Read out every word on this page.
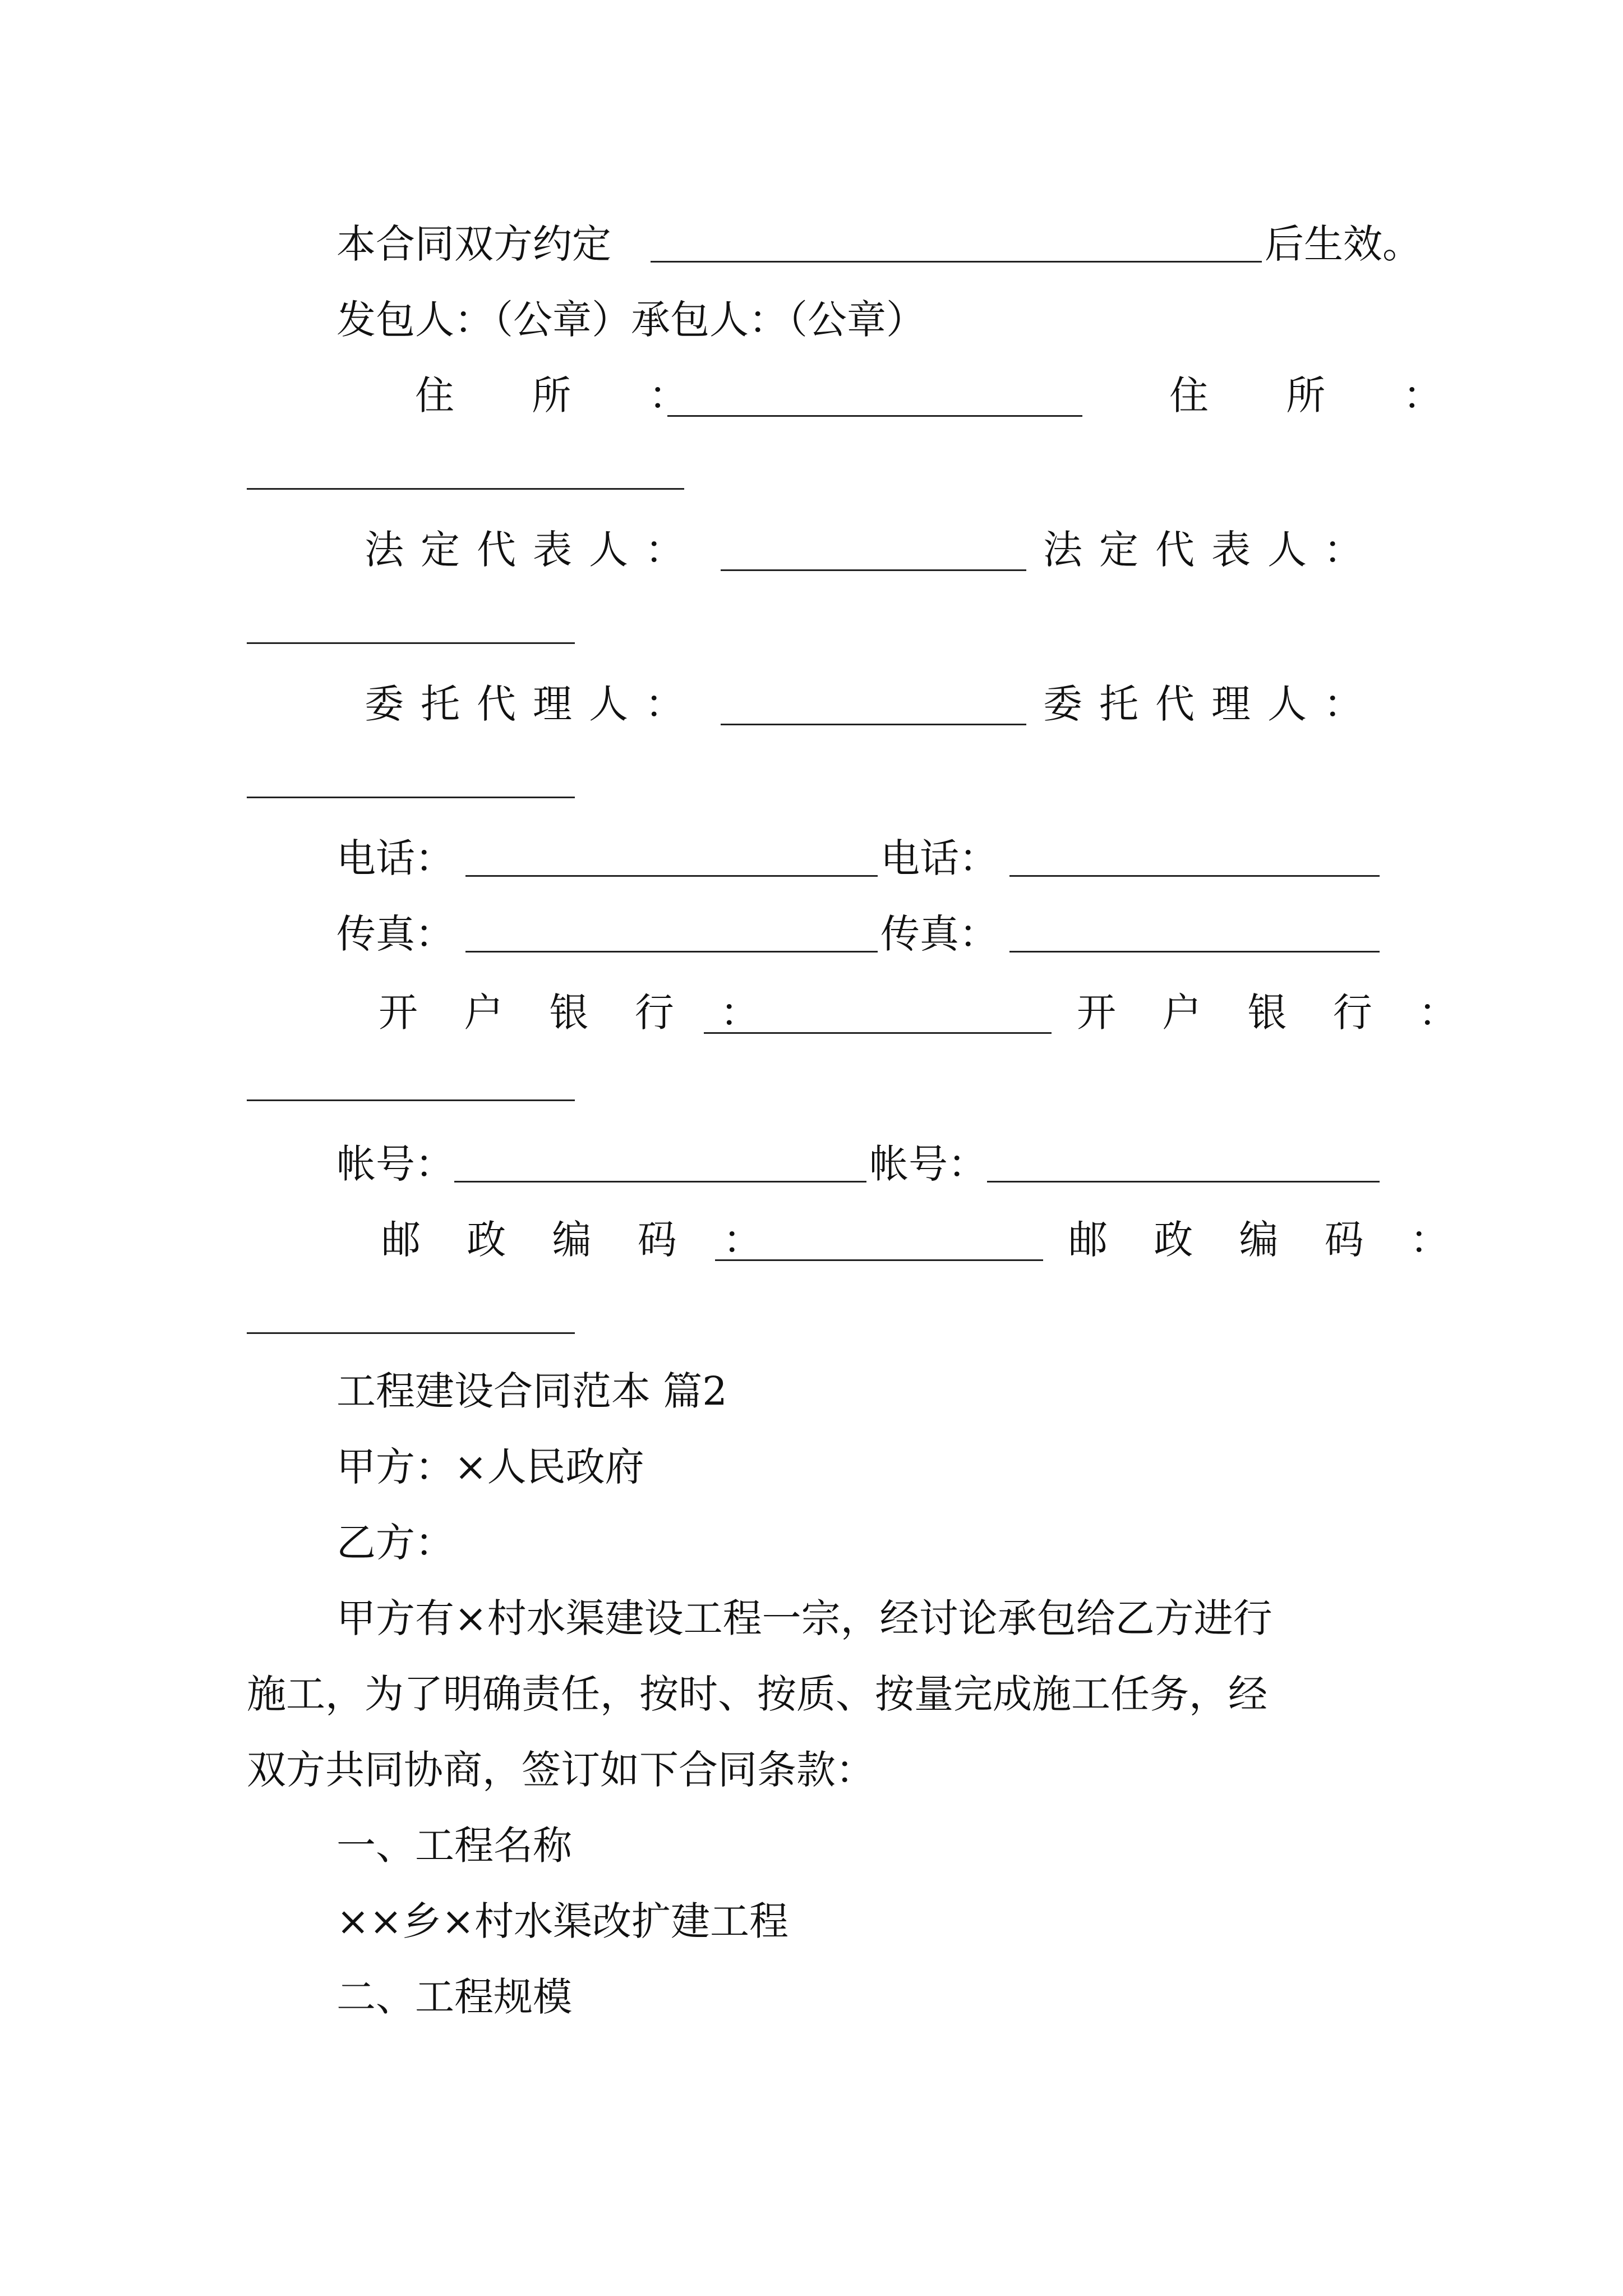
本合同双方约定	后生效。
发包人：（公章）承包人：（公章）
住 所 ：	住 所 ：
法定代表人：	法定代表人：
委托代理人：	委托代理人：
电话：	电话：
传真：	传真：
开 户 银 行 ：	开 户 银 行 ：
帐号：	帐号：
邮 政 编 码 ：	邮 政 编 码 ：
工程建设合同范本 篇2
甲方：×人民政府
乙方：
甲方有×村水渠建设工程一宗，经讨论承包给乙方进行
施工，为了明确责任，按时、按质、按量完成施工任务，经
双方共同协商，签订如下合同条款：
一、工程名称
××乡×村水渠改扩建工程
二、工程规模
